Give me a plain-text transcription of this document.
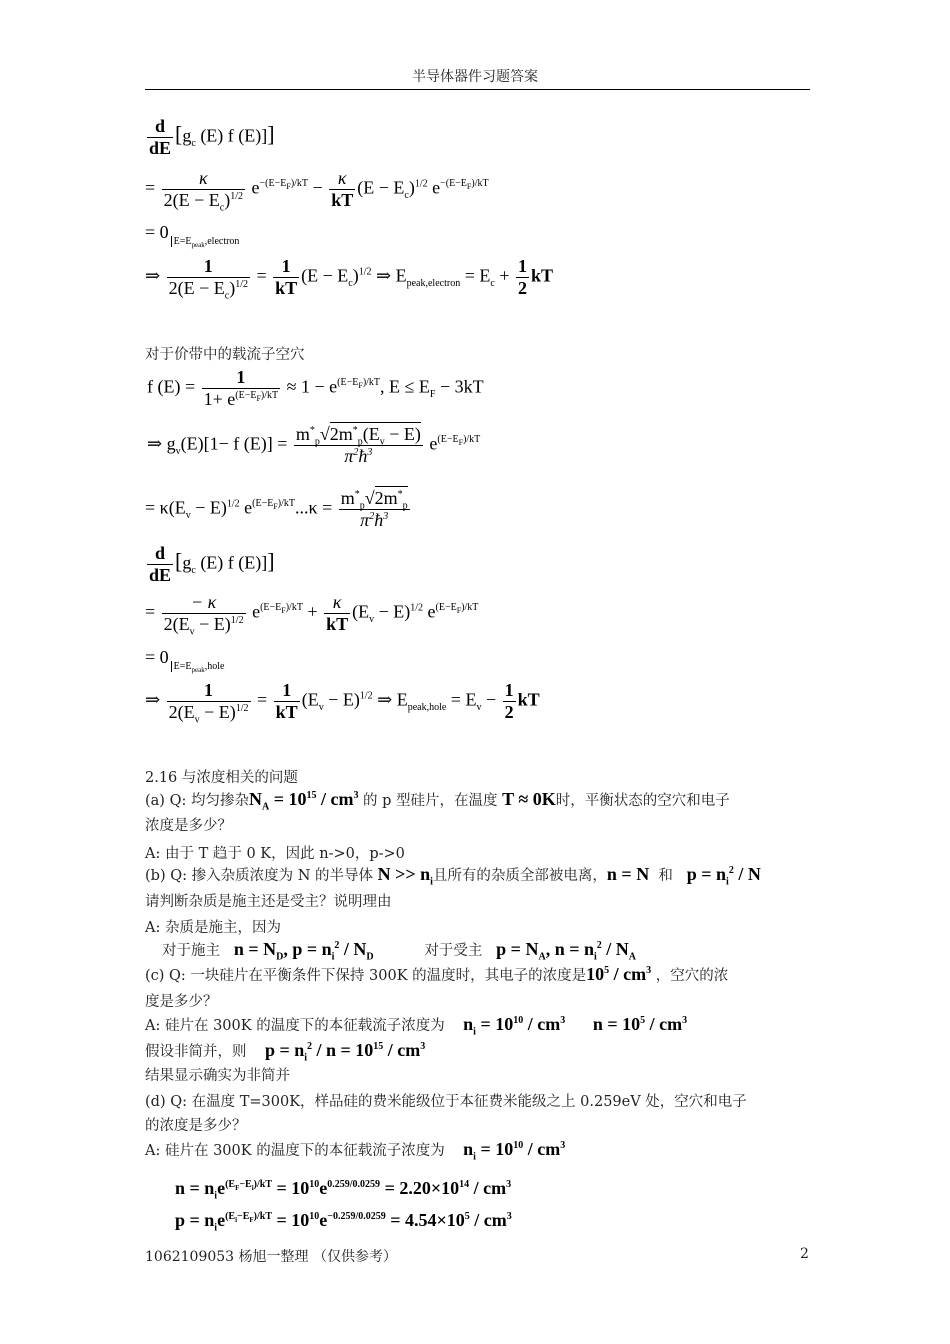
半导体器件习题答案
$\frac{d}{dE} [g_c$ (E) f (E)]]
= $\frac{\kappa}{2(E - E_c)^{1/2}} e^{-(E-E_F)/kT} - \frac{\kappa}{kT} (E - E_c)^{1/2}$ $e^{-(E-E_F)/kT}$
= 0 $_{E=E_{peak},electron}$
⇒ $\frac{1}{2(E - E_c)^{1/2}} = \frac{1}{kT} (E - E_c)^{1/2}$ ⇒ $E_{peak,electron} = E_c + \frac{1}{2}$ kT
对于价带中的载流子空穴
f $(E) = \frac{1}{1+ e^{(E-E_F)/kT}} \approx 1 - e^{(E-E_F)/kT}$, $E \le E_F - 3kT$
⇒ $g_v(E)[1- f$ $(E)] = \frac{m^*_p√2m^*_p(E_v - E)}{\pi^2ħ^3} e^{(E-E_F)/kT}$
= $\kappa(E_v - E)^{1/2}$ $e^{(E-E_F)/kT}...\kappa = \frac{m^*_p√2m^*_p}{\pi^2ħ^3}$
$\frac{d}{dE} [g_c$ (E) f (E)]]
= $\frac{- \kappa}{2(E_v - E)^{1/2}} e^{(E-E_F)/kT} + \frac{\kappa}{kT} (E_v - E)^{1/2}$ $e^{(E-E_F)/kT}$
= 0 $_{E=E_{peak},hole}$
⇒ $\frac{1}{2(E_v - E)^{1/2}} = \frac{1}{kT} (E_v - E)^{1/2}$ ⇒ $E_{peak,hole} = E_v - \frac{1}{2}$ kT
2.16 与浓度相关的问题
(a) Q: 均匀掺杂$N_A = 10^{15} / cm^3$ 的 p 型硅片，在温度 T ≈ 0K时，平衡状态的空穴和电子
浓度是多少？
A: 由于 T 趋于 0 K，因此 n->0，p->0
(b) Q: 掺入杂质浓度为 N 的半导体 $N >> n_i$且所有的杂质全部被电离，n = N 和 $p = n_i^2 / N$
请判断杂质是施主还是受主？说明理由
A: 杂质是施主，因为
对于施主 $n = N_D$, $p = n_i^2 / N_D$	对于受主 $p = N_A$, $n = n_i^2 / N_A$
(c) Q: 一块硅片在平衡条件下保持 300K 的温度时，其电子的浓度是$10^5 / cm^3$ ，空穴的浓
度是多少？
A: 硅片在 300K 的温度下的本征载流子浓度为 $n_i = 10^{10} / cm^3$ $n = 10^5 / cm^3$
假设非简并，则 $p = n_i^2 / n = 10^{15} / cm^3$
结果显示确实为非简并
(d) Q: 在温度 T=300K，样品硅的费米能级位于本征费米能级之上 0.259eV 处，空穴和电子
的浓度是多少？
A: 硅片在 300K 的温度下的本征载流子浓度为 $n_i = 10^{10} / cm^3$
$n = n_ie^{(E_F-E_i)/kT} = 10^{10}e^{0.259/0.0259} = 2.20\times 10^{14} / cm^3$
$p = n_ie^{(E_i-E_F)/kT} = 10^{10}e^{-0.259/0.0259} = 4.54\times 10^5 / cm^3$
1062109053 杨旭一整理 （仅供参考）	2
